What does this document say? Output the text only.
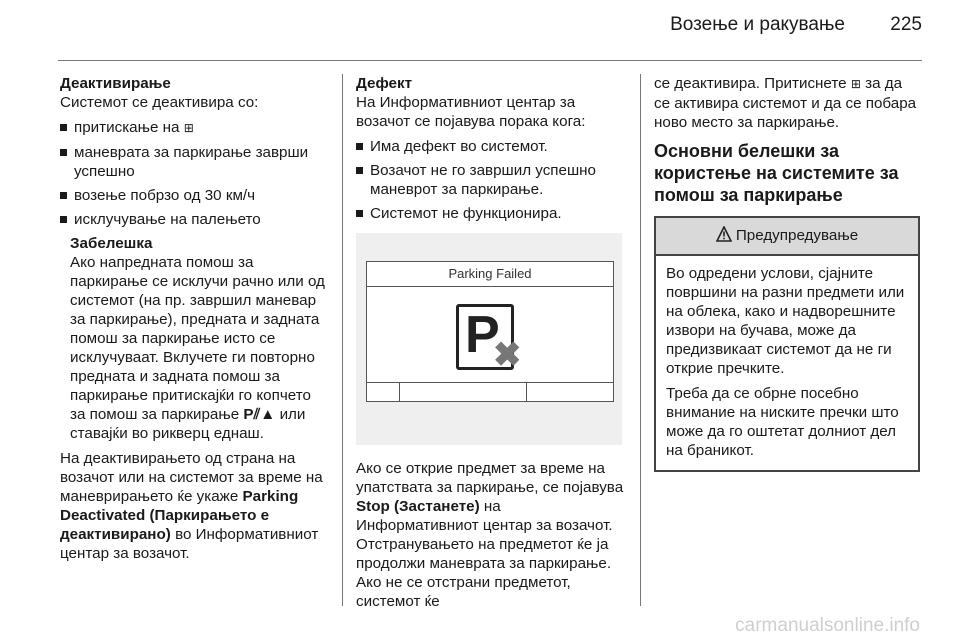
Возење и ракување 225

Деактивирање

Системот се деактивира со:

притискање на ⊞
маневрата за паркирање заврши успешно
возење побрзо од 30 км/ч
исклучување на палењето

Забелешка

Ако напредната помош за паркирање се исклучи рачно или од системот (на пр. завршил маневар за паркирање), предната и задната помош за паркирање исто се исклучуваат. Вклучете ги повторно предната и задната помош за паркирање притискајќи го копчето за помош за паркирање P⫽▲ или ставајќи во рикверц еднаш.

На деактивирањето од страна на возачот или на системот за време на маневрирањето ќе укаже Parking Deactivated (Паркирањето е деактивирано) во Информативниот центар за возачот.

Дефект

На Информативниот центар за возачот се појавува порака кога:

Има дефект во системот.
Возачот не го завршил успешно маневрот за паркирање.
Системот не функционира.
Parking Failed
P
✖

Ако се открие предмет за време на упатствата за паркирање, се појавува Stop (Застанете) на Информативниот центар за возачот. Отстранувањето на предметот ќе ја продолжи маневрата за паркирање. Ако не се отстрани предметот, системот ќе

се деактивира. Притиснете ⊞ за да се активира системот и да се побара ново место за паркирање.

Основни белешки за користење на системите за помош за паркирање
Предупредување

Во одредени услови, сјајните површини на разни предмети или на облека, како и надворешните извори на бучава, може да предизвикаат системот да не ги открие пречките.

Треба да се обрне посебно внимание на ниските пречки што може да го оштетат долниот дел на браникот.

carmanualsonline.info
